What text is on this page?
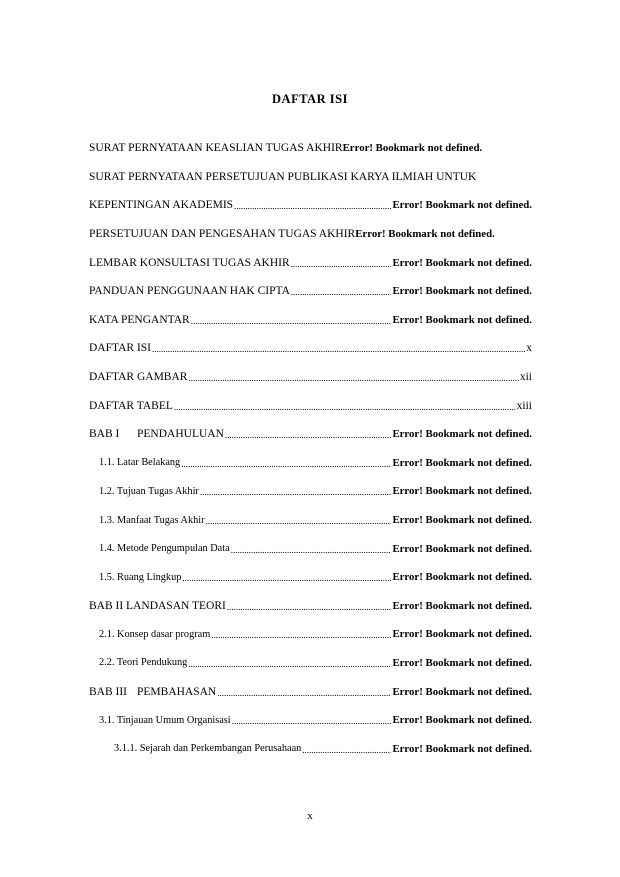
DAFTAR ISI
SURAT PERNYATAAN KEASLIAN TUGAS AKHIR Error! Bookmark not defined.
SURAT PERNYATAAN PERSETUJUAN PUBLIKASI KARYA ILMIAH UNTUK
KEPENTINGAN AKADEMIS .....	Error! Bookmark not defined.
PERSETUJUAN DAN PENGESAHAN TUGAS AKHIR Error! Bookmark not defined.
LEMBAR KONSULTASI TUGAS AKHIR .....	Error! Bookmark not defined.
PANDUAN PENGGUNAAN HAK CIPTA .....	Error! Bookmark not defined.
KATA PENGANTAR .....	Error! Bookmark not defined.
DAFTAR ISI .....	x
DAFTAR GAMBAR .....	xii
DAFTAR TABEL .....	xiii
BAB I PENDAHULUAN .....	Error! Bookmark not defined.
1.1. Latar Belakang .....	Error! Bookmark not defined.
1.2. Tujuan Tugas Akhir .....	Error! Bookmark not defined.
1.3. Manfaat Tugas Akhir .....	Error! Bookmark not defined.
1.4. Metode Pengumpulan Data .....	Error! Bookmark not defined.
1.5. Ruang Lingkup .....	Error! Bookmark not defined.
BAB II LANDASAN TEORI .....	Error! Bookmark not defined.
2.1. Konsep dasar program .....	Error! Bookmark not defined.
2.2. Teori Pendukung .....	Error! Bookmark not defined.
BAB III PEMBAHASAN .....	Error! Bookmark not defined.
3.1. Tinjauan Umum Organisasi .....	Error! Bookmark not defined.
3.1.1. Sejarah dan Perkembangan Perusahaan .....	Error! Bookmark not defined.
x
